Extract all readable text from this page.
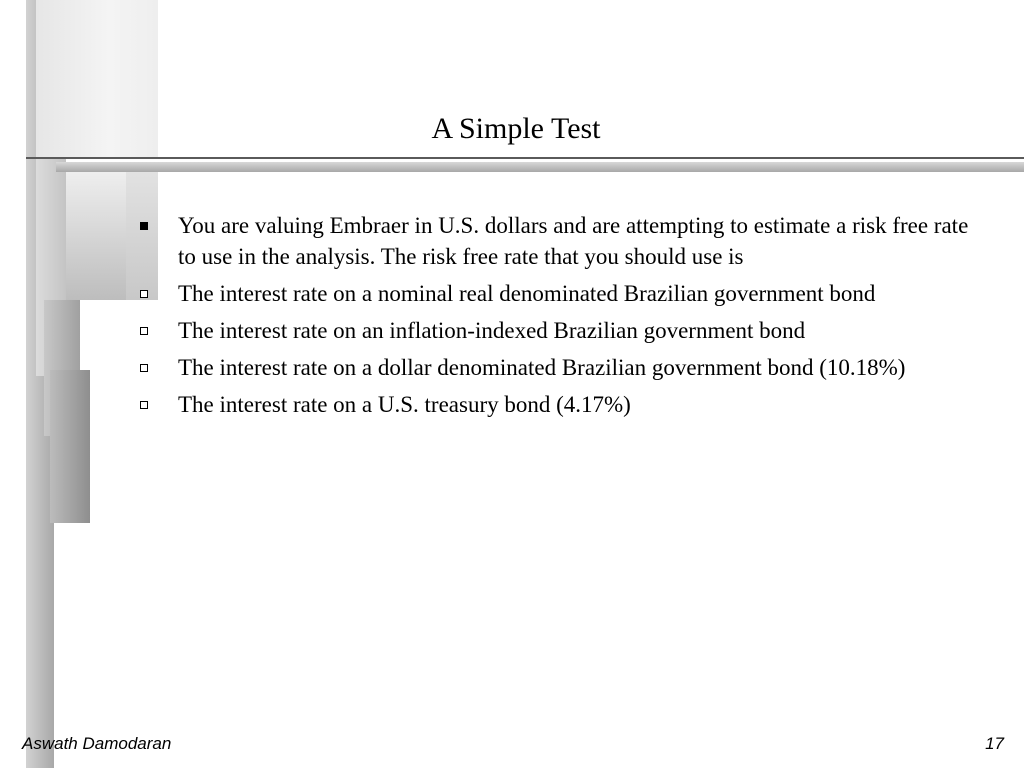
A Simple Test
You are valuing Embraer in U.S. dollars and are attempting to estimate a risk free rate to use in the analysis. The risk free rate that you should use is
The interest rate on a nominal real denominated Brazilian government bond
The interest rate on an inflation-indexed Brazilian government bond
The interest rate on a dollar denominated Brazilian government bond (10.18%)
The interest rate on a U.S. treasury bond (4.17%)
Aswath Damodaran	17
